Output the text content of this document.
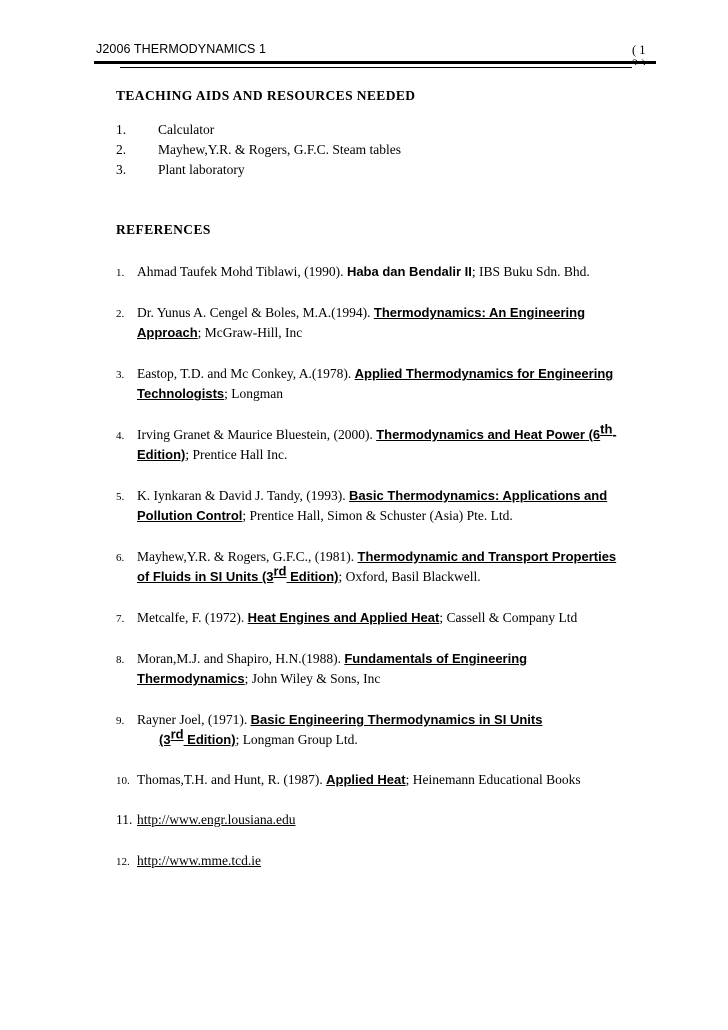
J2006 THERMODYNAMICS 1	( 1

TEACHING AIDS AND RESOURCES NEEDED
1. Calculator
2. Mayhew,Y.R. & Rogers, G.F.C. Steam tables
3. Plant laboratory
REFERENCES
1. Ahmad Taufek Mohd Tiblawi, (1990). Haba dan Bendalir II; IBS Buku Sdn. Bhd.
2. Dr. Yunus A. Cengel & Boles, M.A.(1994). Thermodynamics: An Engineering
Approach; McGraw-Hill, Inc
3. Eastop, T.D. and Mc Conkey, A.(1978). Applied Thermodynamics for Engineering
Technologists; Longman
4. Irving Granet & Maurice Bluestein, (2000). Thermodynamics and Heat Power (6th-
Edition); Prentice Hall Inc.
5. K. Iynkaran & David J. Tandy, (1993). Basic Thermodynamics: Applications and
Pollution Control; Prentice Hall, Simon & Schuster (Asia) Pte. Ltd.
6. Mayhew,Y.R. & Rogers, G.F.C., (1981). Thermodynamic and Transport Properties
of Fluids in SI Units (3rd Edition); Oxford, Basil Blackwell.
7. Metcalfe, F. (1972). Heat Engines and Applied Heat; Cassell & Company Ltd
8. Moran,M.J. and Shapiro, H.N.(1988). Fundamentals of Engineering
Thermodynamics; John Wiley & Sons, Inc
9. Rayner Joel, (1971). Basic Engineering Thermodynamics in SI Units
(3rd Edition); Longman Group Ltd.
10. Thomas,T.H. and Hunt, R. (1987). Applied Heat; Heinemann Educational Books
11. http://www.engr.lousiana.edu
12. http://www.mme.tcd.ie
